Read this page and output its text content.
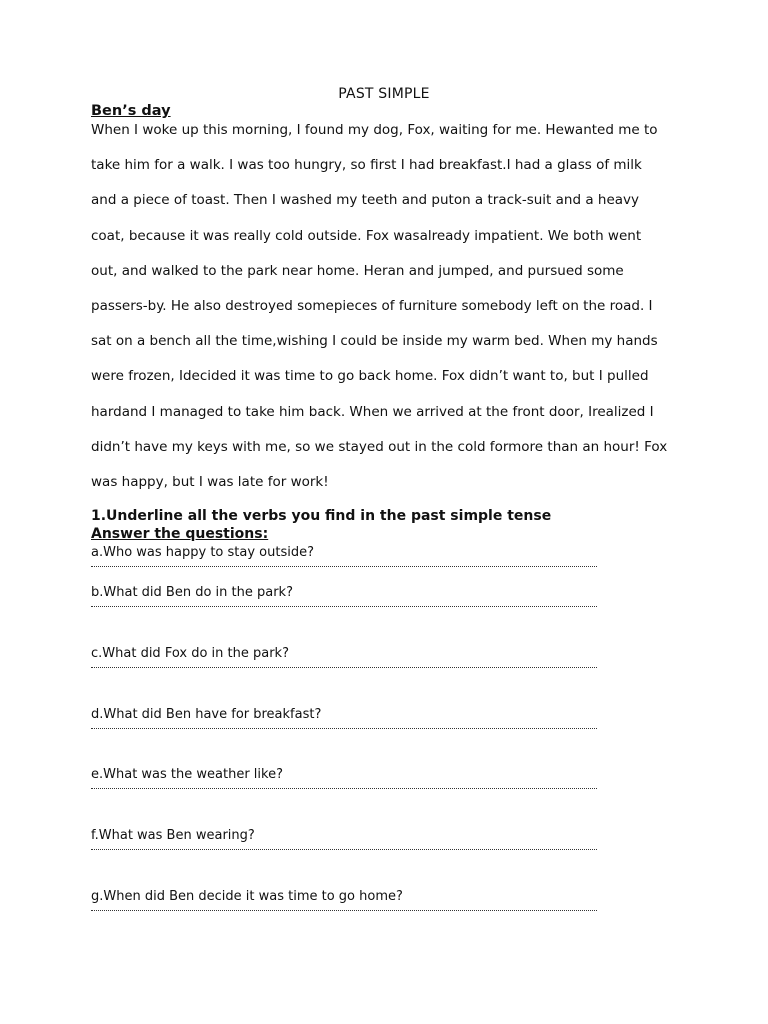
PAST SIMPLE
Ben’s day
When I woke up this morning, I found my dog, Fox, waiting for me. Hewanted me to
take him for a walk. I was too hungry, so first I had breakfast.I had a glass of milk
and a piece of toast. Then I washed my teeth and puton a track-suit and a heavy
coat, because it was really cold outside. Fox wasalready impatient. We both went
out, and walked to the park near home. Heran and jumped, and pursued some
passers-by. He also destroyed somepieces of furniture somebody left on the road. I
sat on a bench all the time,wishing I could be inside my warm bed. When my hands
were frozen, Idecided it was time to go back home. Fox didn’t want to, but I pulled
hardand I managed to take him back. When we arrived at the front door, Irealized I
didn’t have my keys with me, so we stayed out in the cold formore than an hour! Fox
was happy, but I was late for work!
1.Underline all the verbs you find in the past simple tense
Answer the questions:
a.Who was happy to stay outside?
b.What did Ben do in the park?
c.What did Fox do in the park?
d.What did Ben have for breakfast?
e.What was the weather like?
f.What was Ben wearing?
g.When did Ben decide it was time to go home?
